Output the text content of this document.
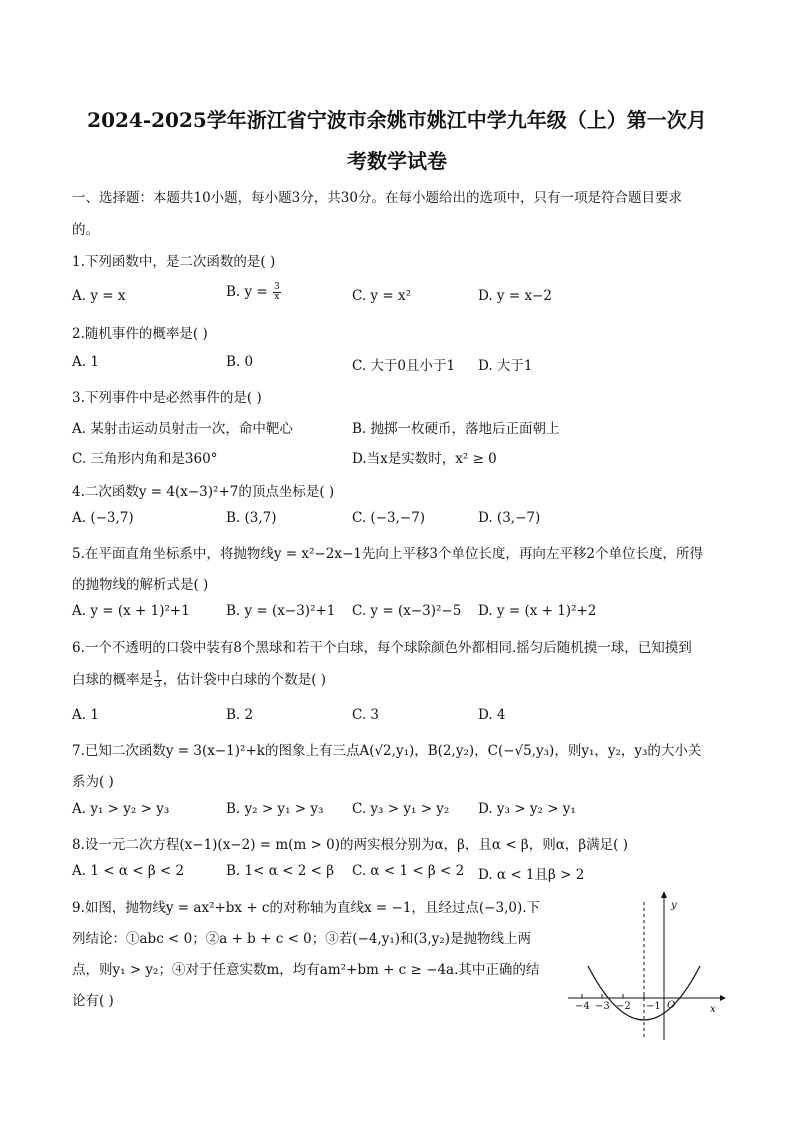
2024-2025学年浙江省宁波市余姚市姚江中学九年级（上）第一次月
考数学试卷
一、选择题：本题共10小题，每小题3分，共30分。在每小题给出的选项中，只有一项是符合题目要求
的。
1.下列函数中，是二次函数的是( )
A. y = x	B. $y = \frac{3}{x}$	C. y = x²	D. y = x−2
2.随机事件的概率是( )
A. 1	B. 0	C. 大于0且小于1 D. 大于1
3.下列事件中是必然事件的是( )
A. 某射击运动员射击一次，命中靶心	B. 抛掷一枚硬币，落地后正面朝上
C. 三角形内角和是360°	D.当x是实数时，x² ≥ 0
4.二次函数y = 4(x−3)²+7的顶点坐标是( )
A. (−3,7)	B. (3,7)	C. (−3,−7)	D. (3,−7)
5.在平面直角坐标系中，将抛物线y = x²−2x−1先向上平移3个单位长度，再向左平移2个单位长度，所得
的抛物线的解析式是( )
A. y = (x + 1)²+1	B. y = (x−3)²+1 C. y = (x−3)²−5 D. y = (x + 1)²+2
6.一个不透明的口袋中装有8个黑球和若干个白球，每个球除颜色外都相同.摇匀后随机摸一球，已知摸到
白球的概率是 $\frac{1}{3}$ ，估计袋中白球的个数是( )
A. 1	B. 2	C. 3	D. 4
7.已知二次函数y = 3(x−1)²+k的图象上有三点A(√2,y₁)，B(2,y₂)，C(−√5,y₃)，则y₁，y₂，y₃的大小关
系为( )
A. y₁ > y₂ > y₃	B. y₂ > y₁ > y₃ C. y₃ > y₁ > y₂ D. y₃ > y₂ > y₁
8.设一元二次方程(x−1)(x−2) = m(m > 0)的两实根分别为α，β，且α < β，则α，β满足( )
A. 1 < α < β < 2	B. 1< α < 2 < β C. α < 1 < β < 2 D. α < 1且β > 2
9.如图，抛物线y = ax²+bx + c的对称轴为直线x = −1，且经过点(−3,0).下
列结论：①abc < 0；②a + b + c < 0；③若(−4,y₁)和(3,y₂)是抛物线上两
点，则y₁ > y₂；④对于任意实数m，均有am²+bm + c ≥ −4a.其中正确的结
论有( )	−4 −3 −2 −1 O	x
y
